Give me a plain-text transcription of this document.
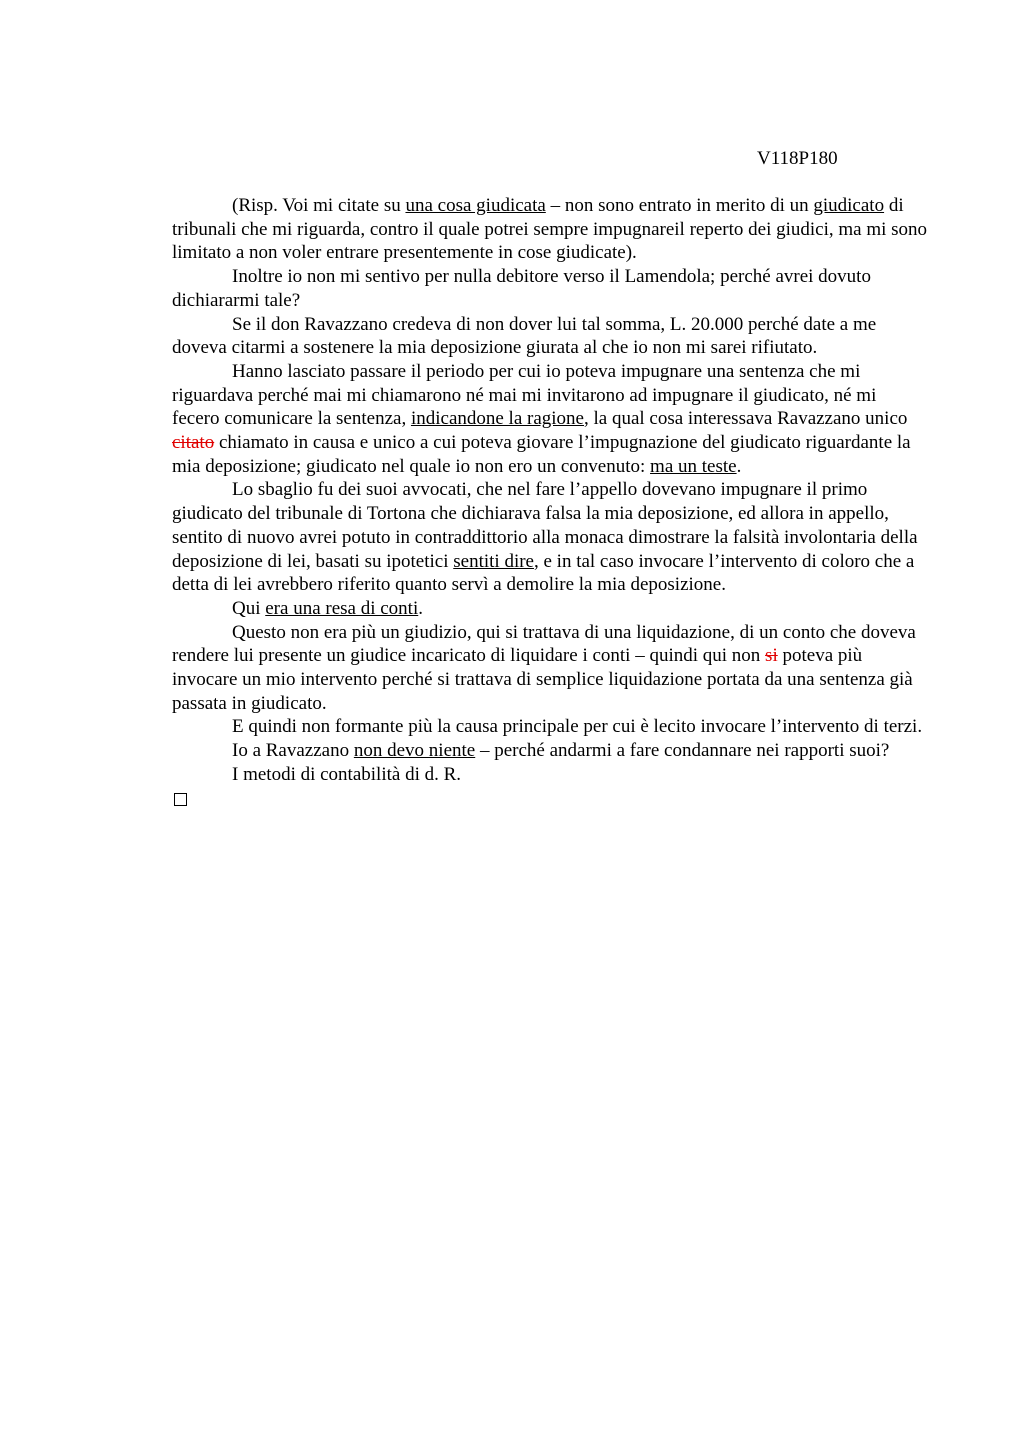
V118P180

(Risp. Voi mi citate su una cosa giudicata – non sono entrato in merito di un giudicato di tribunali che mi riguarda, contro il quale potrei sempre impugnareil reperto dei giudici, ma mi sono limitato a non voler entrare presentemente in cose giudicate).

Inoltre io non mi sentivo per nulla debitore verso il Lamendola; perché avrei dovuto dichiararmi tale?

Se il don Ravazzano credeva di non dover lui tal somma, L. 20.000 perché date a me doveva citarmi a sostenere la mia deposizione giurata al che io non mi sarei rifiutato.

Hanno lasciato passare il periodo per cui io poteva impugnare una sentenza che mi riguardava perché mai mi chiamarono né mai mi invitarono ad impugnare il giudicato, né mi fecero comunicare la sentenza, indicandone la ragione, la qual cosa interessava Ravazzano unico citato chiamato in causa e unico a cui poteva giovare l’impugnazione del giudicato riguardante la mia deposizione; giudicato nel quale io non ero un convenuto: ma un teste.

Lo sbaglio fu dei suoi avvocati, che nel fare l’appello dovevano impugnare il primo giudicato del tribunale di Tortona che dichiarava falsa la mia deposizione, ed allora in appello, sentito di nuovo avrei potuto in contraddittorio alla monaca dimostrare la falsità involontaria della deposizione di lei, basati su ipotetici sentiti dire, e in tal caso invocare l’intervento di coloro che a detta di lei avrebbero riferito quanto servì a demolire la mia deposizione.

Qui era una resa di conti.

Questo non era più un giudizio, qui si trattava di una liquidazione, di un conto che doveva rendere lui presente un giudice incaricato di liquidare i conti – quindi qui non si poteva più invocare un mio intervento perché si trattava di semplice liquidazione portata da una sentenza già passata in giudicato.

E quindi non formante più la causa principale per cui è lecito invocare l’intervento di terzi.

Io a Ravazzano non devo niente – perché andarmi a fare condannare nei rapporti suoi?

I metodi di contabilità di d. R.
